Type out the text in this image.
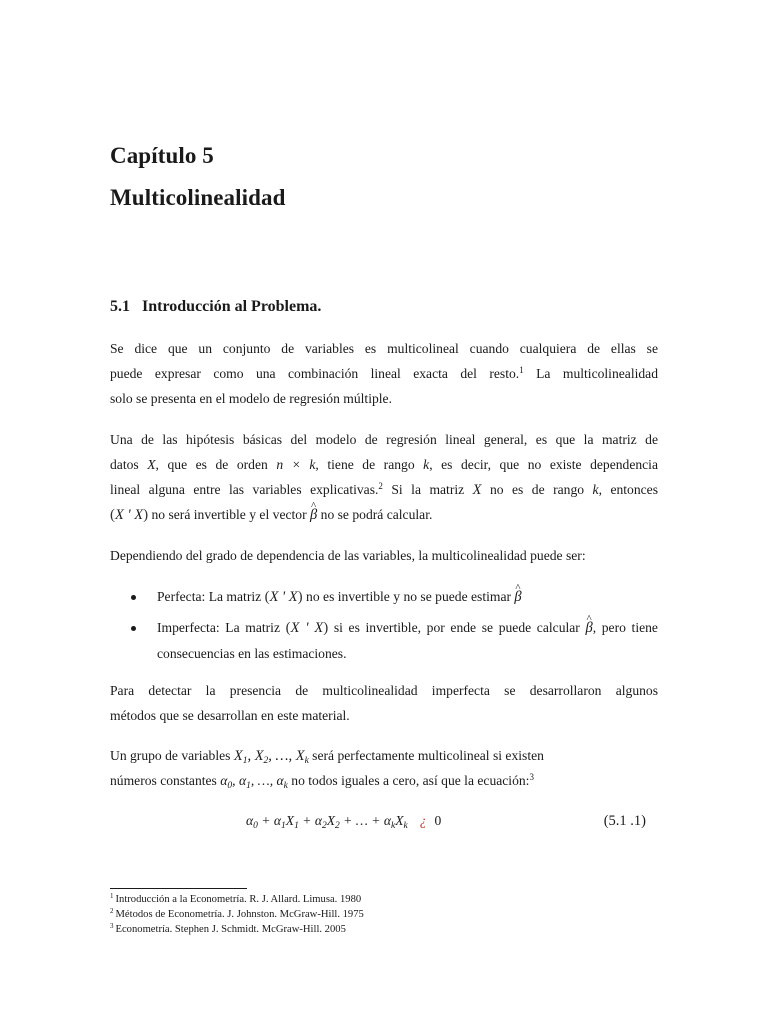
Capítulo 5
Multicolinealidad
5.1 Introducción al Problema.
Se dice que un conjunto de variables es multicolineal cuando cualquiera de ellas se
puede expresar como una combinación lineal exacta del resto.$^1$ La multicolinealidad
solo se presenta en el modelo de regresión múltiple.
Una de las hipótesis básicas del modelo de regresión lineal general, es que la matriz de
datos X, que es de orden n × k, tiene de rango k, es decir, que no existe dependencia
lineal alguna entre las variables explicativas.$^2$ Si la matriz X no es de rango k, entonces
(X ' X) no será invertible y el vector ^ β no se podrá calcular.
Dependiendo del grado de dependencia de las variables, la multicolinealidad puede ser:
Perfecta: La matriz (X ' X) no es invertible y no se puede estimar ^ β
Imperfecta: La matriz (X ' X) si es invertible, por ende se puede calcular ^ β, pero tiene consecuencias en las estimaciones.
Para detectar la presencia de multicolinealidad imperfecta se desarrollaron algunos
métodos que se desarrollan en este material.
Un grupo de variables $X_1$, $X_2$, …, $X_k$ será perfectamente multicolineal si existen
números constantes $\alpha_0$, $\alpha_1$, …, $\alpha_k$ no todos iguales a cero, así que la ecuación:$^3$
$\alpha_0 + \alpha_1X_1 + \alpha_2X_2$ + … + $\alpha_kX_k$ ¿ 0	(5.1 .1)
$^1$ Introducción a la Econometría. R. J. Allard. Limusa. 1980
$^2$ Métodos de Econometría. J. Johnston. McGraw-Hill. 1975
$^3$ Econometría. Stephen J. Schmidt. McGraw-Hill. 2005
